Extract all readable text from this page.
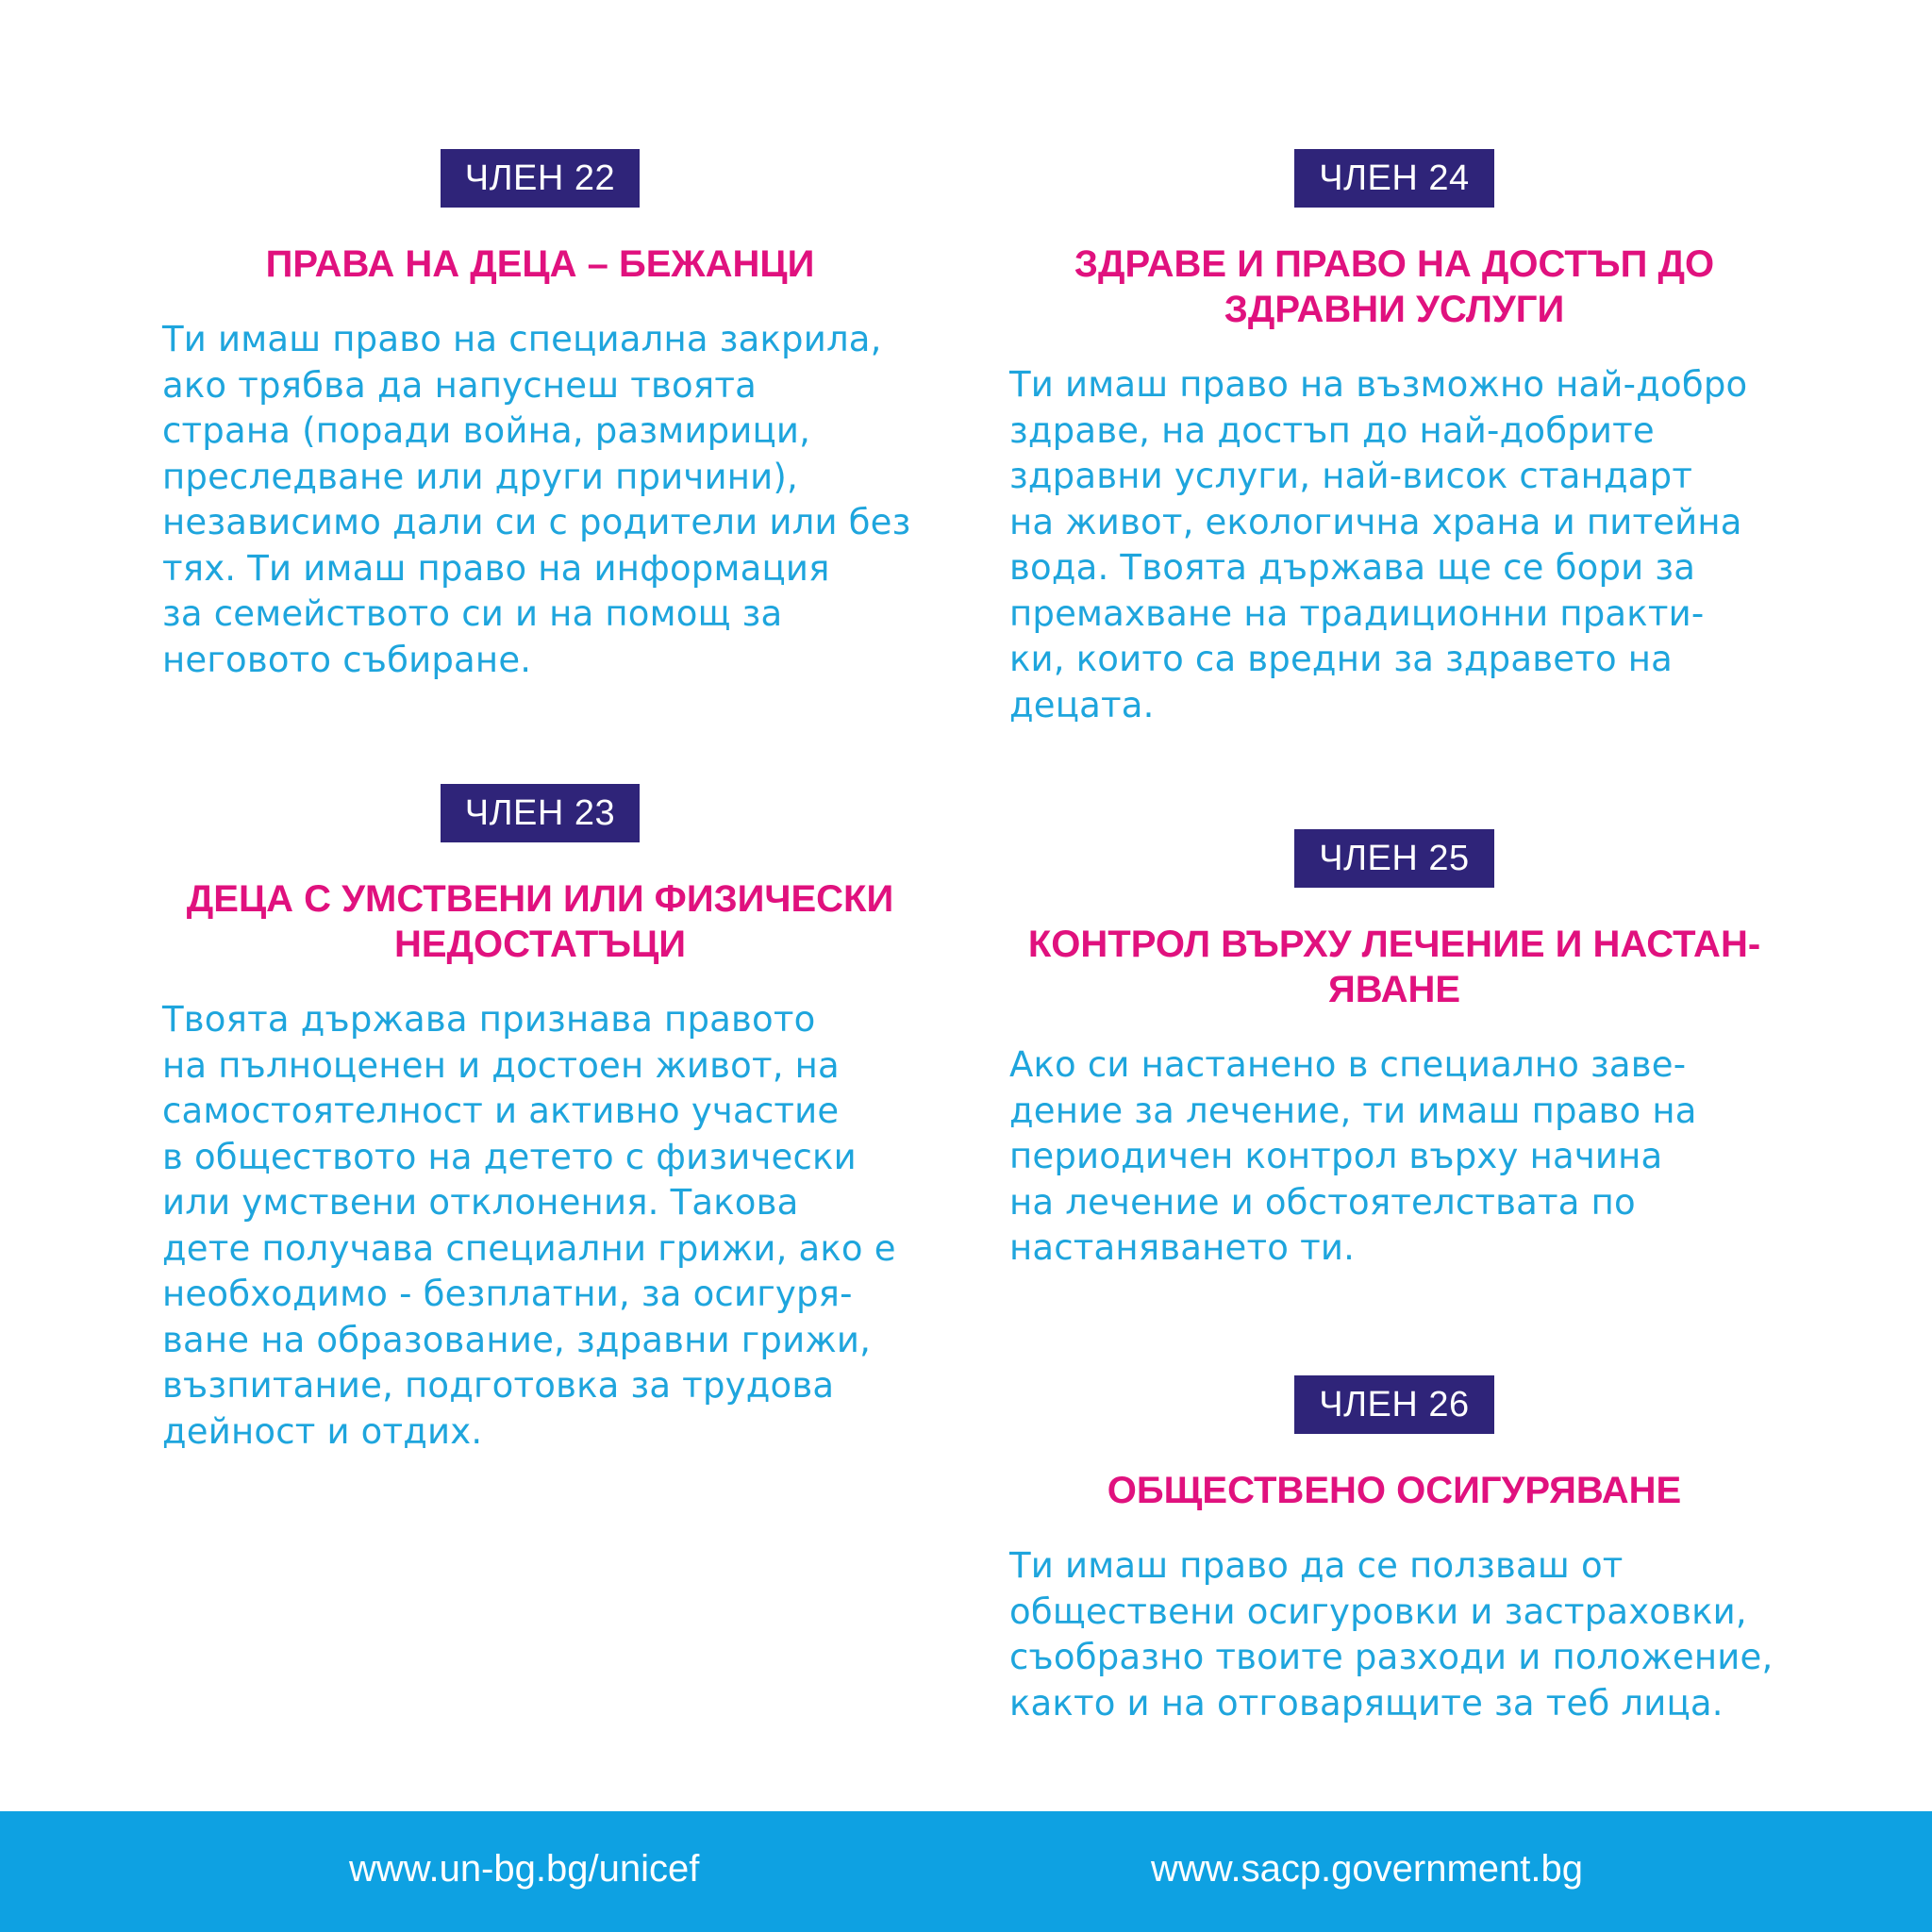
ЧЛЕН 22
ПРАВА НА ДЕЦА – БЕЖАНЦИ
Ти имаш право на специална закрила,
ако трябва да напуснеш твоята
страна (поради война, размирици,
преследване или други причини),
независимо дали си с родители или без
тях. Ти имаш право на информация
за семейството си и на помощ за
неговото събиране.
ЧЛЕН 23
ДЕЦА С УМСТВЕНИ ИЛИ ФИЗИЧЕСКИ
НЕДОСТАТЪЦИ
Твоята държава признава правото
на пълноценен и достоен живот, на
самостоятелност и активно участие
в обществото на детето с физически
или умствени отклонения. Такова
дете получава специални грижи, ако е
необходимо - безплатни, за осигуря-
ване на образование, здравни грижи,
възпитание, подготовка за трудова
дейност и отдих.
ЧЛЕН 24
ЗДРАВЕ И ПРАВО НА ДОСТЪП ДО
ЗДРАВНИ УСЛУГИ
Ти имаш право на възможно най-добро
здраве, на достъп до най-добрите
здравни услуги, най-висок стандарт
на живот, екологична храна и питейна
вода. Твоята държава ще се бори за
премахване на традиционни практи-
ки, които са вредни за здравето на
децата.
ЧЛЕН 25
КОНТРОЛ ВЪРХУ ЛЕЧЕНИЕ И НАСТАН-
ЯВАНЕ
Ако си настанено в специално заве-
дение за лечение, ти имаш право на
периодичен контрол върху начина
на лечение и обстоятелствата по
настаняването ти.
ЧЛЕН 26
ОБЩЕСТВЕНО ОСИГУРЯВАНЕ
Ти имаш право да се ползваш от
обществени осигуровки и застраховки,
съобразно твоите разходи и положение,
както и на отговарящите за теб лица.
www.un-bg.bg/unicef	www.sacp.government.bg
